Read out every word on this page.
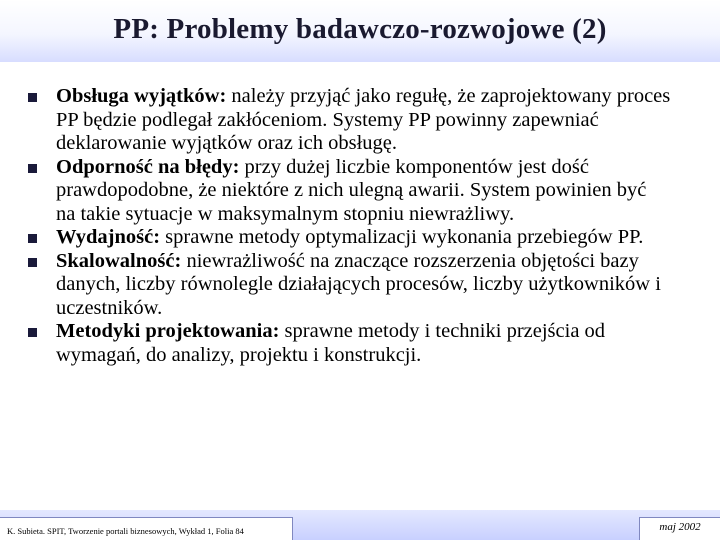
PP: Problemy badawczo-rozwojowe (2)
Obsługa wyjątków: należy przyjąć jako regułę, że zaprojektowany proces
PP będzie podlegał zakłóceniom. Systemy PP powinny zapewniać
deklarowanie wyjątków oraz ich obsługę.
Odporność na błędy: przy dużej liczbie komponentów jest dość
prawdopodobne, że niektóre z nich ulegną awarii. System powinien być
na takie sytuacje w maksymalnym stopniu niewrażliwy.
Wydajność: sprawne metody optymalizacji wykonania przebiegów PP.
Skalowalność: niewrażliwość na znaczące rozszerzenia objętości bazy
danych, liczby równolegle działających procesów, liczby użytkowników i
uczestników.
Metodyki projektowania: sprawne metody i techniki przejścia od
wymagań, do analizy, projektu i konstrukcji.
K. Subieta. SPIT, Tworzenie portali biznesowych, Wykład 1, Folia 84	maj 2002
